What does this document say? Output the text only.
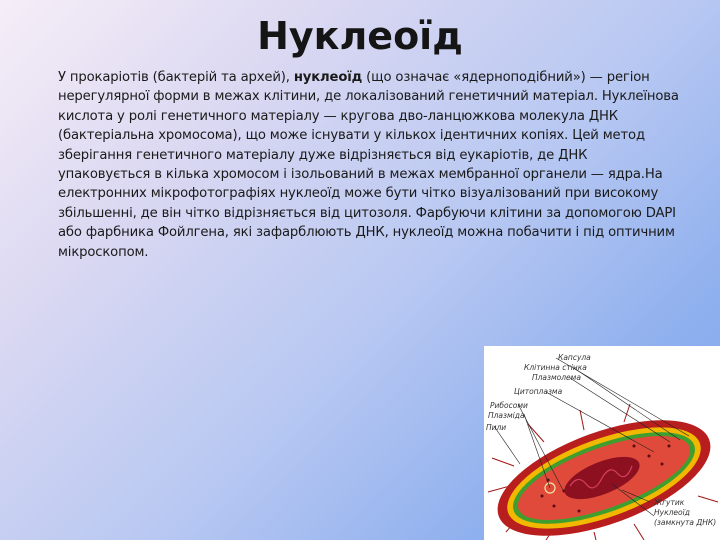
Нуклеоїд
У прокаріотів (бактерій та архей), нуклеоїд (що означає «ядерноподібний») — регіон нерегулярної форми в межах клітини, де локалізований генетичний матеріал. Нуклеїнова кислота у ролі генетичного матеріалу — кругова дво-ланцюжкова молекула ДНК (бактеріальна хромосома), що може існувати у кількох ідентичних копіях. Цей метод зберігання генетичного матеріалу дуже відрізняється від еукаріотів, де ДНК упаковується в кілька хромосом і ізольований в межах мембранної органели — ядра.На електронних мікрофотографіях нуклеоїд може бути чітко візуалізований при високому збільшенні, де він чітко відрізняється від цитозоля. Фарбуючи клітини за допомогою DAPI або фарбника Фойлгена, які зафарблюють ДНК, нуклеоїд можна побачити і під оптичним мікроскопом.
Капсула
Клітинна стінка
Плазмолема
Цитоплазма
Рибосоми
Плазміда
Пили
Жгутик
Нуклеоїд
(замкнута ДНК)
